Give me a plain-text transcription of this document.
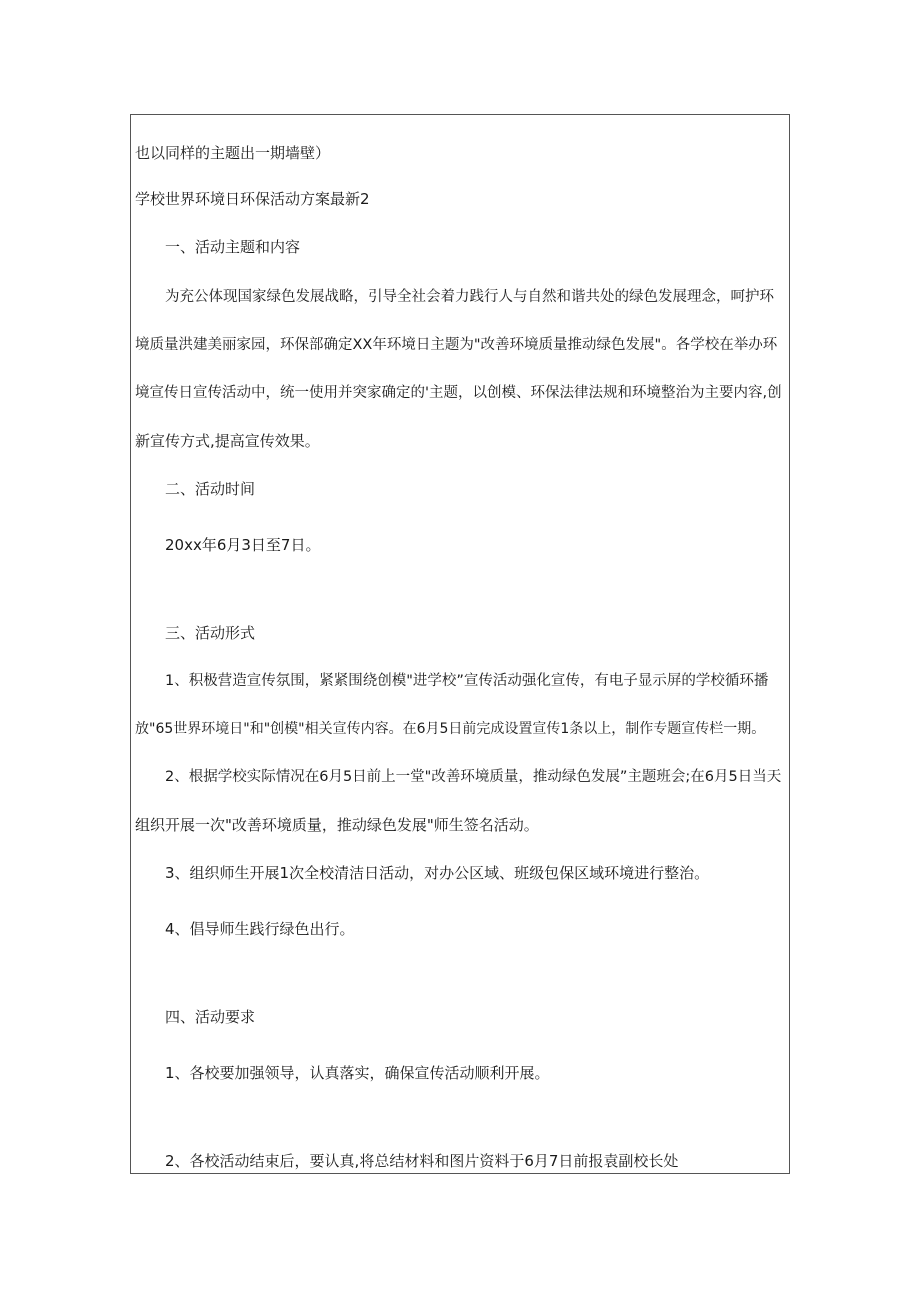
也以同样的主题出一期墙壁）
学校世界环境日环保活动方案最新2
一、活动主题和内容
为充公体现国家绿色发展战略，引导全社会着力践行人与自然和谐共处的绿色发展理念，呵护环
境质量洪建美丽家园，环保部确定XX年环境日主题为"改善环境质量推动绿色发展"。各学校在举办环
境宣传日宣传活动中，统一使用并突家确定的'主题，以创模、环保法律法规和环境整治为主要内容,创
新宣传方式,提高宣传效果。
二、活动时间
20xx年6月3日至7日。
三、活动形式
1、积极营造宣传氛围，紧紧围绕创模"进学校”宣传活动强化宣传，有电子显示屏的学校循环播
放"65世界环境日"和"创模"相关宣传内容。在6月5日前完成设置宣传1条以上，制作专题宣传栏一期。
2、根据学校实际情况在6月5日前上一堂"改善环境质量，推动绿色发展”主题班会;在6月5日当天
组织开展一次"改善环境质量，推动绿色发展"师生签名活动。
3、组织师生开展1次全校清洁日活动，对办公区域、班级包保区域环境进行整治。
4、倡导师生践行绿色出行。
四、活动要求
1、各校要加强领导，认真落实，确保宣传活动顺利开展。
2、各校活动结束后，要认真,将总结材料和图片资料于6月7日前报袁副校长处
